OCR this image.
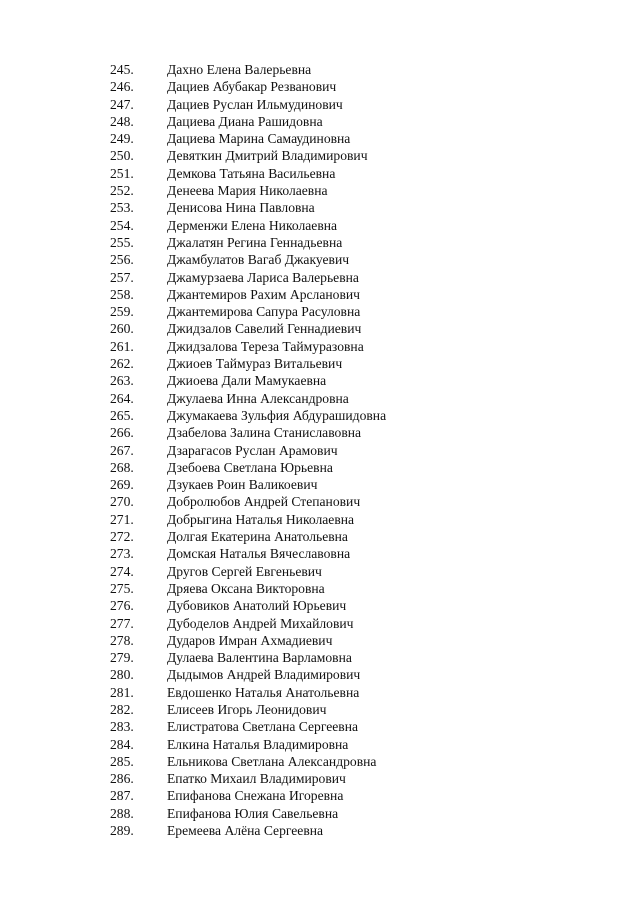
245.	Дахно Елена Валерьевна
246.	Дациев Абубакар Резванович
247.	Дациев Руслан Ильмудинович
248.	Дациева Диана Рашидовна
249.	Дациева Марина Самаудиновна
250.	Девяткин Дмитрий Владимирович
251.	Демкова Татьяна Васильевна
252.	Денеева Мария Николаевна
253.	Денисова Нина Павловна
254.	Дерменжи Елена Николаевна
255.	Джалатян Регина Геннадьевна
256.	Джамбулатов Вагаб Джакуевич
257.	Джамурзаева Лариса Валерьевна
258.	Джантемиров Рахим Арсланович
259.	Джантемирова Сапура Расуловна
260.	Джидзалов Савелий Геннадиевич
261.	Джидзалова Тереза Таймуразовна
262.	Джиоев Таймураз Витальевич
263.	Джиоева Дали Мамукаевна
264.	Джулаева Инна Александровна
265.	Джумакаева Зульфия Абдурашидовна
266.	Дзабелова Залина Станиславовна
267.	Дзарагасов Руслан Арамович
268.	Дзебоева Светлана Юрьевна
269.	Дзукаев Роин Валикоевич
270.	Добролюбов Андрей Степанович
271.	Добрыгина Наталья Николаевна
272.	Долгая Екатерина Анатольевна
273.	Домская Наталья Вячеславовна
274.	Другов Сергей Евгеньевич
275.	Дряева Оксана Викторовна
276.	Дубовиков Анатолий Юрьевич
277.	Дубоделов Андрей Михайлович
278.	Дударов Имран Ахмадиевич
279.	Дулаева Валентина Варламовна
280.	Дыдымов Андрей Владимирович
281.	Евдошенко Наталья Анатольевна
282.	Елисеев Игорь Леонидович
283.	Елистратова Светлана Сергеевна
284.	Елкина Наталья Владимировна
285.	Ельникова Светлана Александровна
286.	Епатко Михаил Владимирович
287.	Епифанова Снежана Игоревна
288.	Епифанова Юлия Савельевна
289.	Еремеева Алёна Сергеевна
